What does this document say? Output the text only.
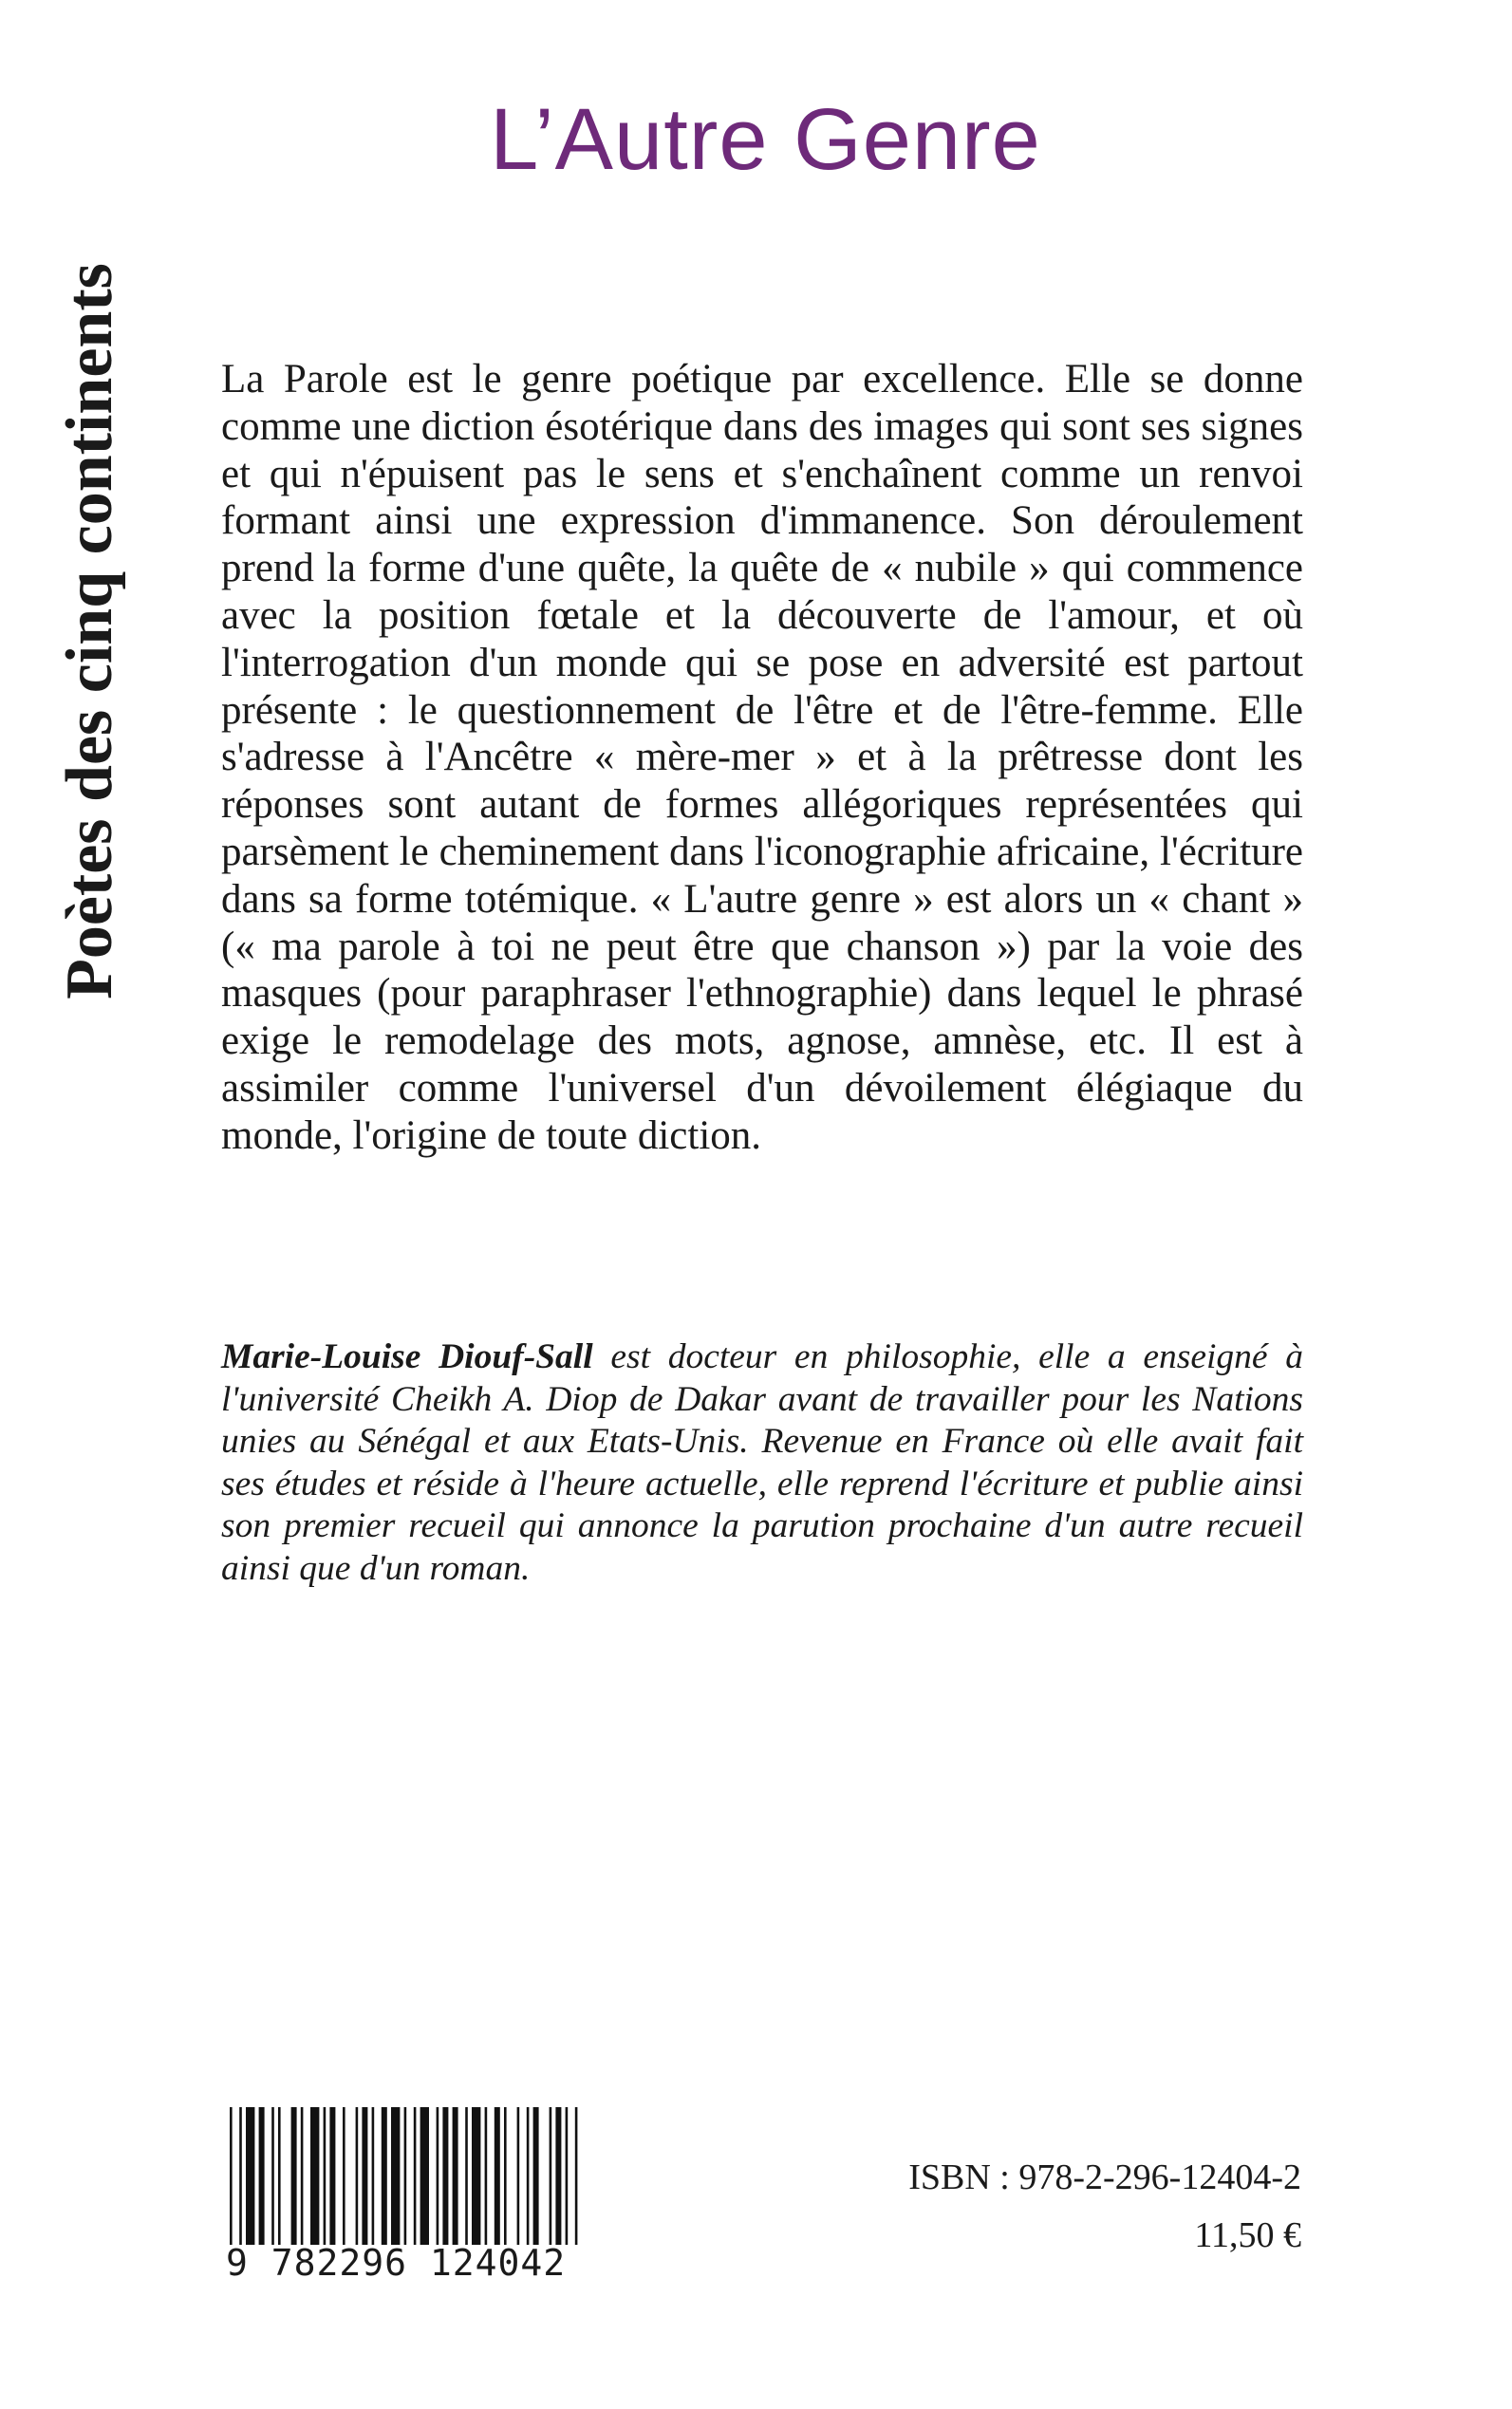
Poètes des cinq continents
L’Autre Genre

La Parole est le genre poétique par excellence. Elle se donne comme une diction ésotérique dans des images qui sont ses signes et qui n'épuisent pas le sens et s'enchaînent comme un renvoi formant ainsi une expression d'immanence. Son déroulement prend la forme d'une quête, la quête de « nubile » qui commence avec la position fœtale et la découverte de l'amour, et où l'interrogation d'un monde qui se pose en adversité est partout présente : le questionnement de l'être et de l'être-femme. Elle s'adresse à l'Ancêtre « mère-mer » et à la prêtresse dont les réponses sont autant de formes allégoriques représentées qui parsèment le cheminement dans l'iconographie africaine, l'écriture dans sa forme totémique. « L'autre genre » est alors un « chant » (« ma parole à toi ne peut être que chanson ») par la voie des masques (pour paraphraser l'ethnographie) dans lequel le phrasé exige le remodelage des mots, agnose, amnèse, etc. Il est à assimiler comme l'universel d'un dévoilement élégiaque du monde, l'origine de toute diction.

Marie-Louise Diouf-Sall est docteur en philosophie, elle a enseigné à l'université Cheikh A. Diop de Dakar avant de travailler pour les Nations unies au Sénégal et aux Etats-Unis. Revenue en France où elle avait fait ses études et réside à l'heure actuelle, elle reprend l'écriture et publie ainsi son premier recueil qui annonce la parution prochaine d'un autre recueil ainsi que d'un roman.

9 782296 124042
ISBN : 978-2-296-12404-2
11,50 €
